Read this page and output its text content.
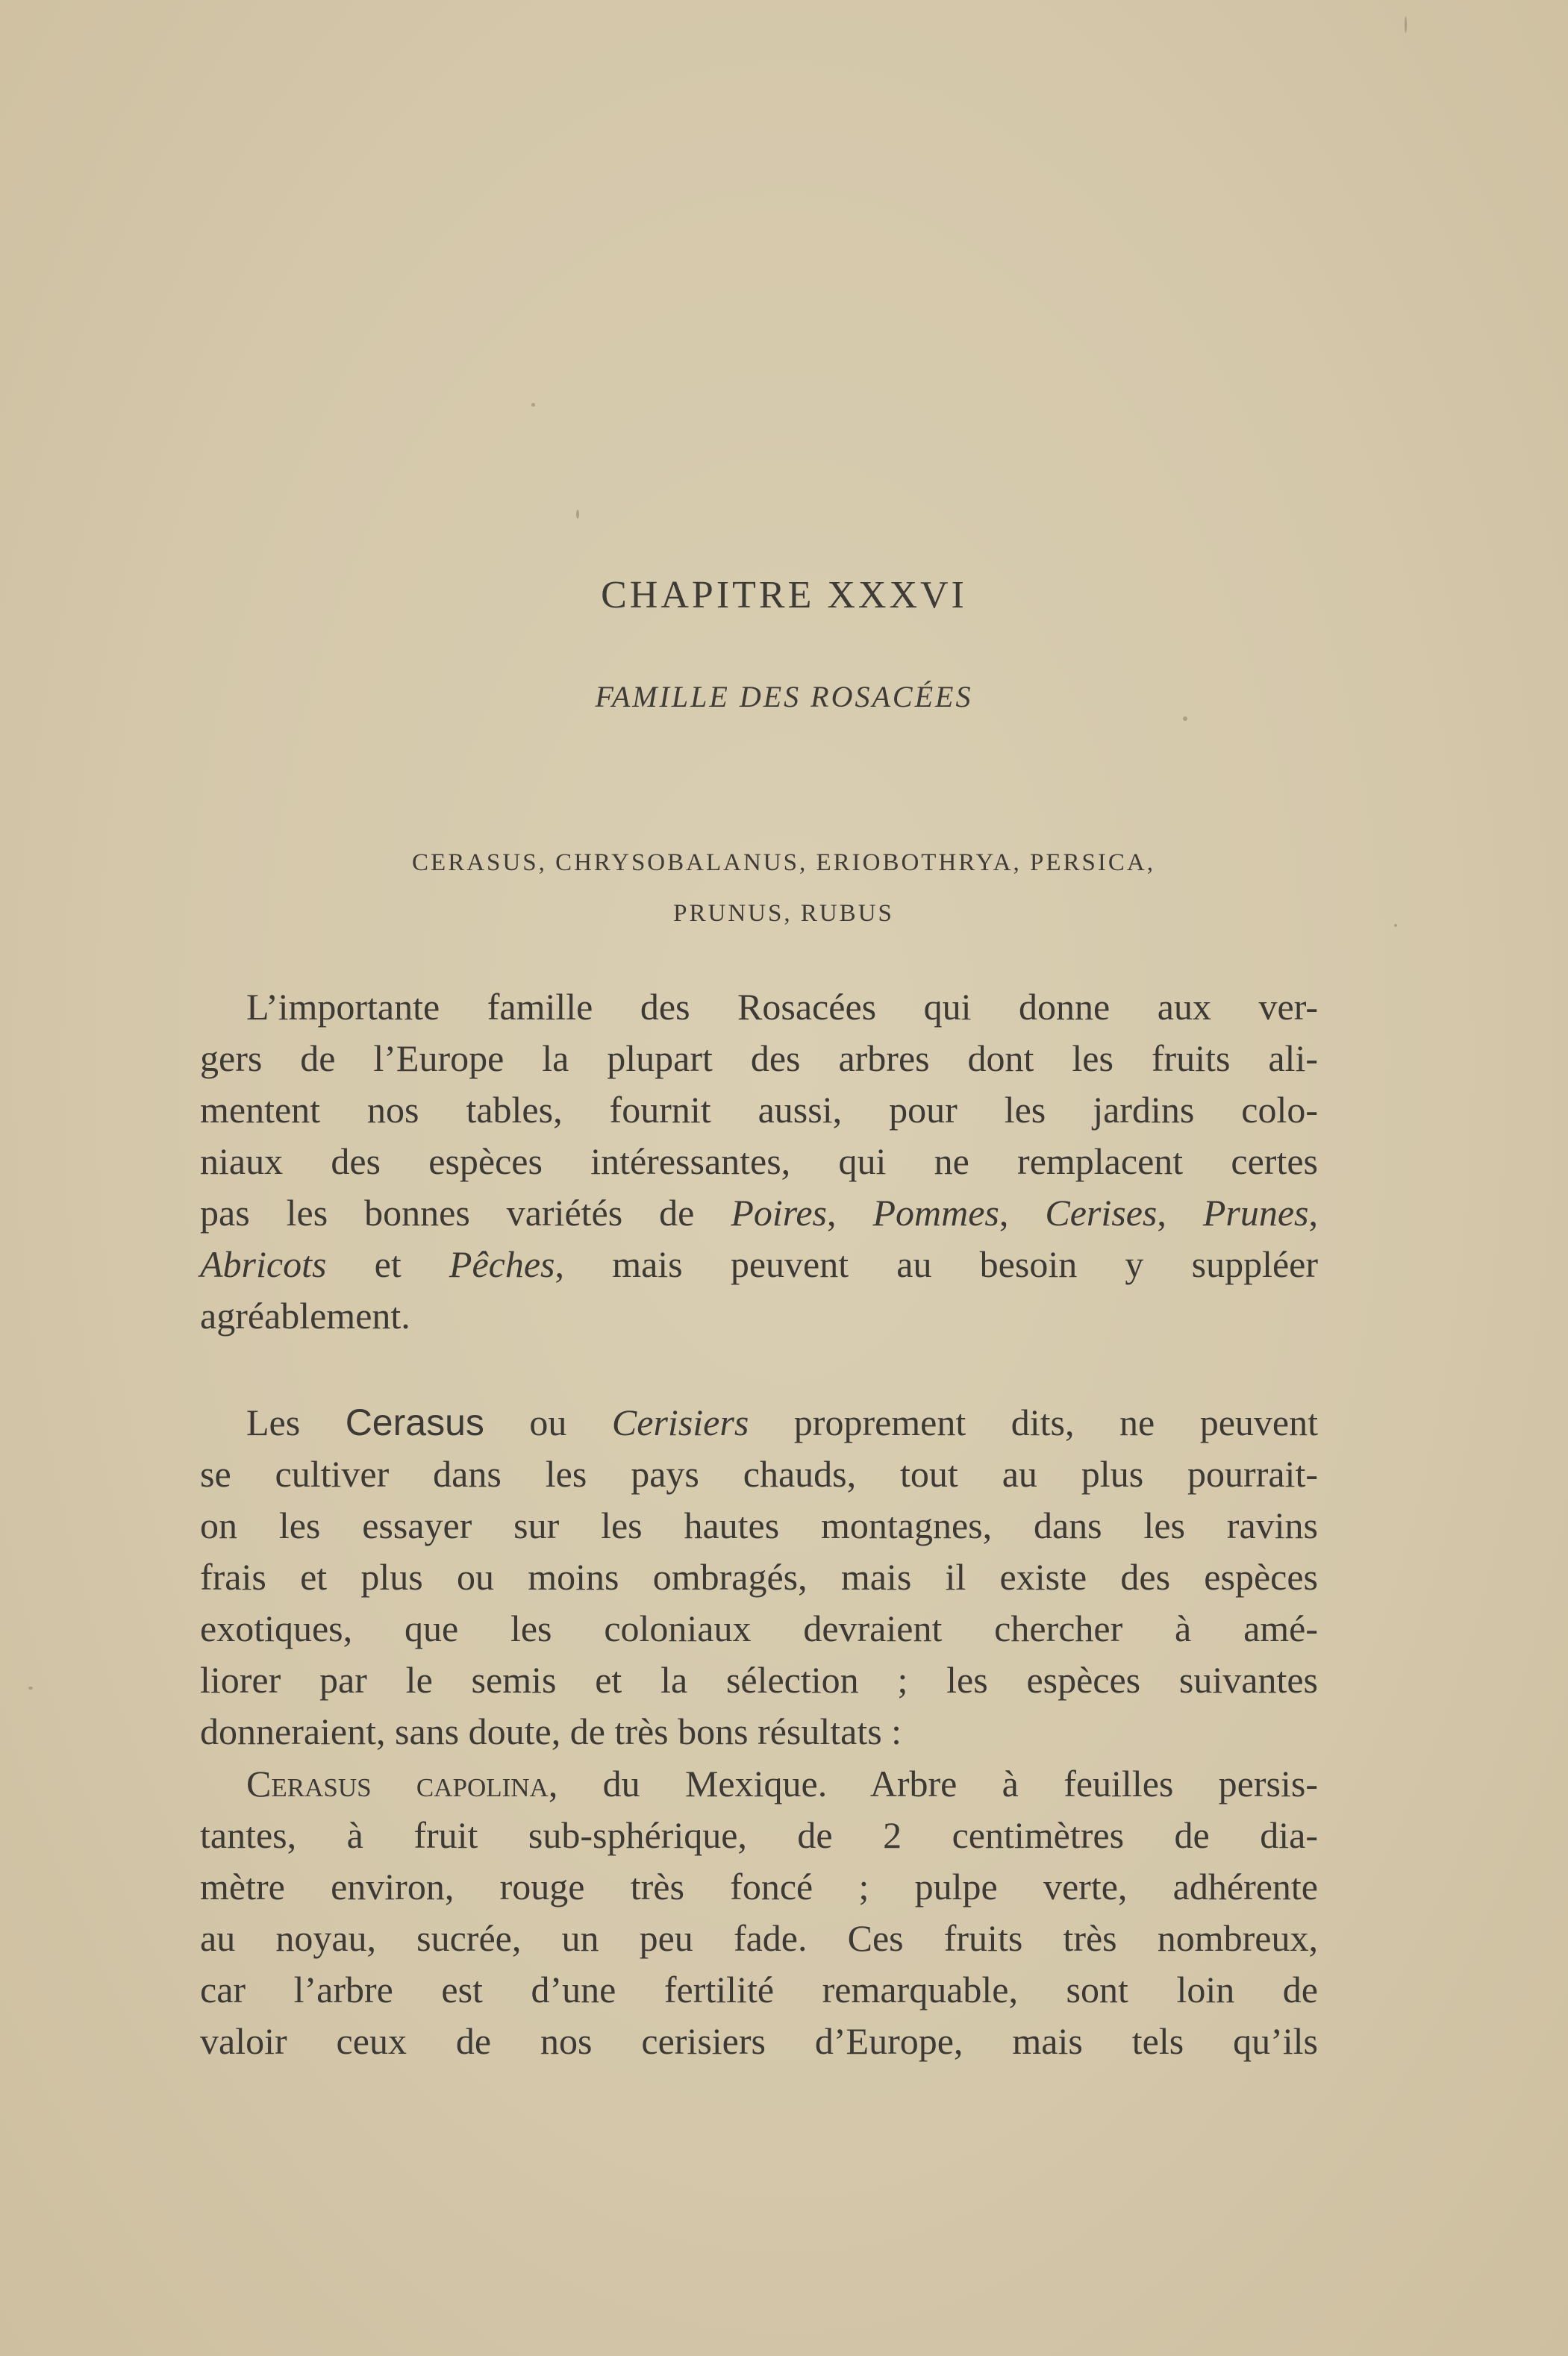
CHAPITRE XXXVI
FAMILLE DES ROSACÉES
CERASUS, CHRYSOBALANUS, ERIOBOTHRYA, PERSICA,
PRUNUS, RUBUS
L’importante famille des Rosacées qui donne aux ver-
gers de l’Europe la plupart des arbres dont les fruits ali-
mentent nos tables, fournit aussi, pour les jardins colo-
niaux des espèces intéressantes, qui ne remplacent certes
pas les bonnes variétés de Poires, Pommes, Cerises, Prunes,
Abricots et Pêches, mais peuvent au besoin y suppléer
agréablement.
Les Cerasus ou Cerisiers proprement dits, ne peuvent
se cultiver dans les pays chauds, tout au plus pourrait-
on les essayer sur les hautes montagnes, dans les ravins
frais et plus ou moins ombragés, mais il existe des espèces
exotiques, que les coloniaux devraient chercher à amé-
liorer par le semis et la sélection ; les espèces suivantes
donneraient, sans doute, de très bons résultats :
Cerasus capolina, du Mexique. Arbre à feuilles persis-
tantes, à fruit sub-sphérique, de 2 centimètres de dia-
mètre environ, rouge très foncé ; pulpe verte, adhérente
au noyau, sucrée, un peu fade. Ces fruits très nombreux,
car l’arbre est d’une fertilité remarquable, sont loin de
valoir ceux de nos cerisiers d’Europe, mais tels qu’ils
